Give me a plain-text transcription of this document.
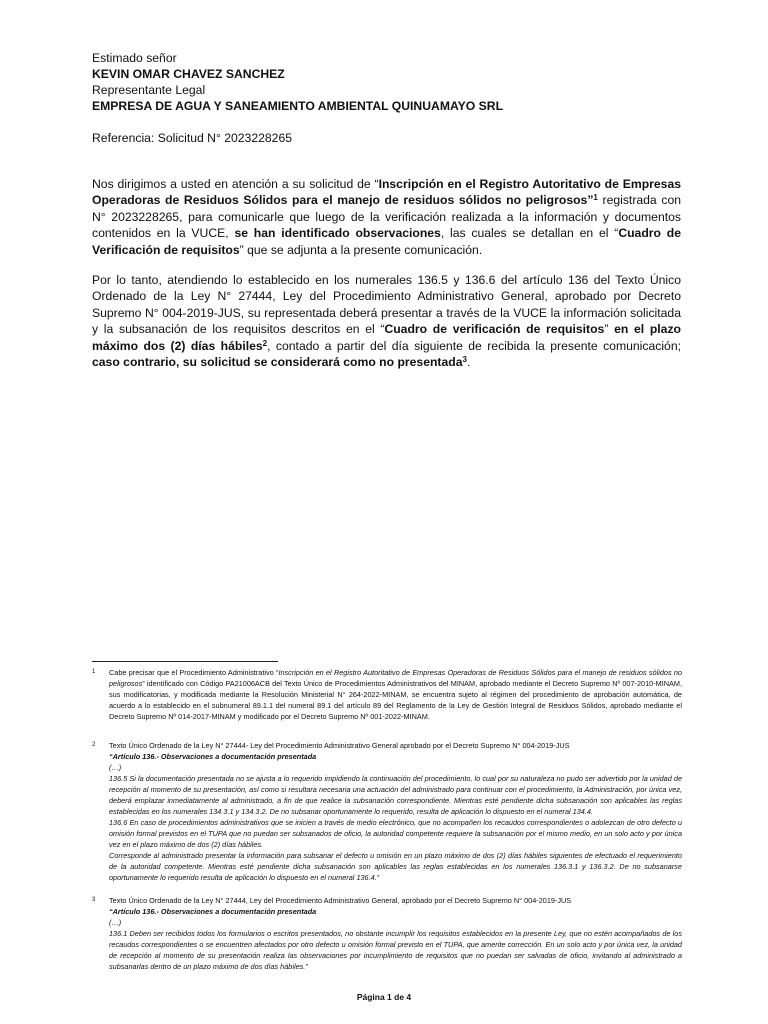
Estimado señor
KEVIN OMAR CHAVEZ SANCHEZ
Representante Legal
EMPRESA DE AGUA Y SANEAMIENTO AMBIENTAL QUINUAMAYO SRL
Referencia: Solicitud N° 2023228265
Nos dirigimos a usted en atención a su solicitud de “Inscripción en el Registro Autoritativo de Empresas Operadoras de Residuos Sólidos para el manejo de residuos sólidos no peligrosos”$^1$ registrada con N° 2023228265, para comunicarle que luego de la verificación realizada a la información y documentos contenidos en la VUCE, se han identificado observaciones, las cuales se detallan en el “Cuadro de Verificación de requisitos” que se adjunta a la presente comunicación.
Por lo tanto, atendiendo lo establecido en los numerales 136.5 y 136.6 del artículo 136 del Texto Único Ordenado de la Ley N° 27444, Ley del Procedimiento Administrativo General, aprobado por Decreto Supremo N° 004-2019-JUS, su representada deberá presentar a través de la VUCE la información solicitada y la subsanación de los requisitos descritos en el “Cuadro de verificación de requisitos” en el plazo máximo dos (2) días hábiles$^2$, contado a partir del día siguiente de recibida la presente comunicación; caso contrario, su solicitud se considerará como no presentada$^3$.
1 Cabe precisar que el Procedimiento Administrativo “Inscripción en el Registro Autoritativo de Empresas Operadoras de Residuos Sólidos para el manejo de residuos sólidos no peligrosos” identificado con Código PA21006ACB del Texto Único de Procedimientos Administrativos del MINAM, aprobado mediante el Decreto Supremo Nº 007-2010-MINAM, sus modificatorias, y modificada mediante la Resolución Ministerial N° 264-2022-MINAM, se encuentra sujeto al régimen del procedimiento de aprobación automática, de acuerdo a lo establecido en el subnumeral 89.1.1 del numeral 89.1 del artículo 89 del Reglamento de la Ley de Gestión Integral de Residuos Sólidos, aprobado mediante el Decreto Supremo Nº 014-2017-MINAM y modificado por el Decreto Supremo Nº 001-2022-MINAM.
2 Texto Único Ordenado de la Ley N° 27444- Ley del Procedimiento Administrativo General aprobado por el Decreto Supremo N° 004-2019-JUS
“Artículo 136.- Observaciones a documentación presentada
(…)
136.5 Si la documentación presentada no se ajusta a lo requerido impidiendo la continuación del procedimiento, lo cual por su naturaleza no pudo ser advertido por la unidad de recepción al momento de su presentación, así como si resultara necesaria una actuación del administrado para continuar con el procedimiento, la Administración, por única vez, deberá emplazar inmediatamente al administrado, a fin de que realice la subsanación correspondiente. Mientras esté pendiente dicha subsanación son aplicables las reglas establecidas en los numerales 134.3.1 y 134.3.2. De no subsanar oportunamente lo requerido, resulta de aplicación lo dispuesto en el numeral 134.4.
136.6 En caso de procedimientos administrativos que se inicien a través de medio electrónico, que no acompañen los recaudos correspondientes o adolezcan de otro defecto u omisión formal previstos en el TUPA que no puedan ser subsanados de oficio, la autoridad competente requiere la subsanación por el mismo medio, en un solo acto y por única vez en el plazo máximo de dos (2) días hábiles.
Corresponde al administrado presentar la información para subsanar el defecto u omisión en un plazo máximo de dos (2) días hábiles siguientes de efectuado el requerimiento de la autoridad competente. Mientras esté pendiente dicha subsanación son aplicables las reglas establecidas en los numerales 136.3.1 y 136.3.2. De no subsanarse oportunamente lo requerido resulta de aplicación lo dispuesto en el numeral 136.4.”
3 Texto Único Ordenado de la Ley N° 27444, Ley del Procedimiento Administrativo General, aprobado por el Decreto Supremo N° 004-2019-JUS
“Artículo 136.- Observaciones a documentación presentada
(…)
136.1 Deben ser recibidos todos los formularios o escritos presentados, no obstante incumplir los requisitos establecidos en la presente Ley, que no estén acompañados de los recaudos correspondientes o se encuentren afectados por otro defecto u omisión formal previsto en el TUPA, que amerite corrección. En un solo acto y por única vez, la unidad de recepción al momento de su presentación realiza las observaciones por incumplimiento de requisitos que no puedan ser salvadas de oficio, invitando al administrado a subsanarlas dentro de un plazo máximo de dos días hábiles.”
Página 1 de 4
